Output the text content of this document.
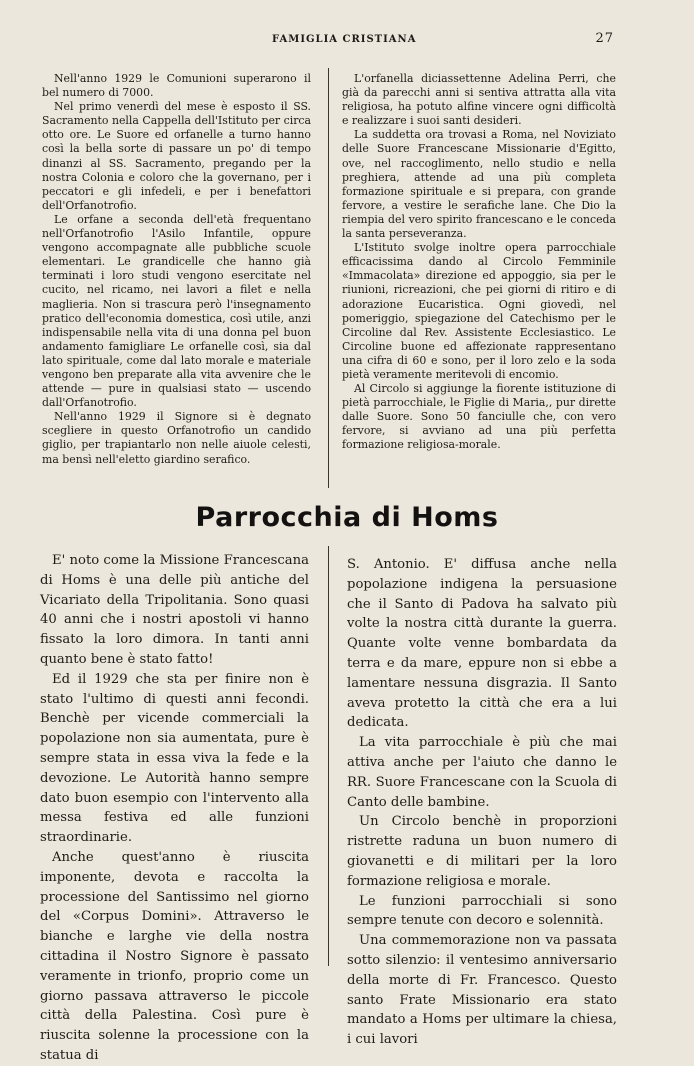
FAMIGLIA CRISTIANA	27

Nell'anno 1929 le Comunioni superarono il bel numero di 7000.

Nel primo venerdì del mese è esposto il SS. Sacramento nella Cappella dell'Istituto per circa otto ore. Le Suore ed orfanelle a turno hanno così la bella sorte di passare un po' di tempo dinanzi al SS. Sacramento, pregando per la nostra Colonia e coloro che la governano, per i peccatori e gli infedeli, e per i benefattori dell'Orfanotrofio.

Le orfane a seconda dell'età frequentano nell'Orfanotrofio l'Asilo Infantile, oppure vengono accompagnate alle pubbliche scuole elementari. Le grandicelle che hanno già terminati i loro studi vengono esercitate nel cucito, nel ricamo, nei lavori a filet e nella maglieria. Non si trascura però l'insegnamento pratico dell'economia domestica, così utile, anzi indispensabile nella vita di una donna pel buon andamento famigliare Le orfanelle così, sia dal lato spirituale, come dal lato morale e materiale vengono ben preparate alla vita avvenire che le attende — pure in qualsiasi stato — uscendo dall'Orfanotrofio.

Nell'anno 1929 il Signore si è degnato scegliere in questo Orfanotrofio un candido giglio, per trapiantarlo non nelle aiuole celesti, ma bensì nell'eletto giardino serafico.

L'orfanella diciassettenne Adelina Perri, che già da parecchi anni si sentiva attratta alla vita religiosa, ha potuto alfine vincere ogni difficoltà e realizzare i suoi santi desideri.

La suddetta ora trovasi a Roma, nel Noviziato delle Suore Francescane Missionarie d'Egitto, ove, nel raccoglimento, nello studio e nella preghiera, attende ad una più completa formazione spirituale e si prepara, con grande fervore, a vestire le serafiche lane. Che Dio la riempia del vero spirito francescano e le conceda la santa perseveranza.

L'Istituto svolge inoltre opera parrocchiale efficacissima dando al Circolo Femminile «Immacolata» direzione ed appoggio, sia per le riunioni, ricreazioni, che pei giorni di ritiro e di adorazione Eucaristica. Ogni giovedì, nel pomeriggio, spiegazione del Catechismo per le Circoline dal Rev. Assistente Ecclesiastico. Le Circoline buone ed affezionate rappresentano una cifra di 60 e sono, per il loro zelo e la soda pietà veramente meritevoli di encomio.

Al Circolo si aggiunge la fiorente istituzione di pietà parrocchiale, le Figlie di Maria,, pur dirette dalle Suore. Sono 50 fanciulle che, con vero fervore, si avviano ad una più perfetta formazione religiosa-morale.

Parrocchia di Homs

E' noto come la Missione Francescana di Homs è una delle più antiche del Vicariato della Tripolitania. Sono quasi 40 anni che i nostri apostoli vi hanno fissato la loro dimora. In tanti anni quanto bene è stato fatto!

Ed il 1929 che sta per finire non è stato l'ultimo di questi anni fecondi. Benchè per vicende commerciali la popolazione non sia aumentata, pure è sempre stata in essa viva la fede e la devozione. Le Autorità hanno sempre dato buon esempio con l'intervento alla messa festiva ed alle funzioni straordinarie.

Anche quest'anno è riuscita imponente, devota e raccolta la processione del Santissimo nel giorno del «Corpus Domini». Attraverso le bianche e larghe vie della nostra cittadina il Nostro Signore è passato veramente in trionfo, proprio come un giorno passava attraverso le piccole città della Palestina. Così pure è riuscita solenne la processione con la statua di

S. Antonio. E' diffusa anche nella popolazione indigena la persuasione che il Santo di Padova ha salvato più volte la nostra città durante la guerra. Quante volte venne bombardata da terra e da mare, eppure non si ebbe a lamentare nessuna disgrazia. Il Santo aveva protetto la città che era a lui dedicata.

La vita parrocchiale è più che mai attiva anche per l'aiuto che danno le RR. Suore Francescane con la Scuola di Canto delle bambine.

Un Circolo benchè in proporzioni ristrette raduna un buon numero di giovanetti e di militari per la loro formazione religiosa e morale.

Le funzioni parrocchiali si sono sempre tenute con decoro e solennità.

Una commemorazione non va passata sotto silenzio: il ventesimo anniversario della morte di Fr. Francesco. Questo santo Frate Missionario era stato mandato a Homs per ultimare la chiesa, i cui lavori
